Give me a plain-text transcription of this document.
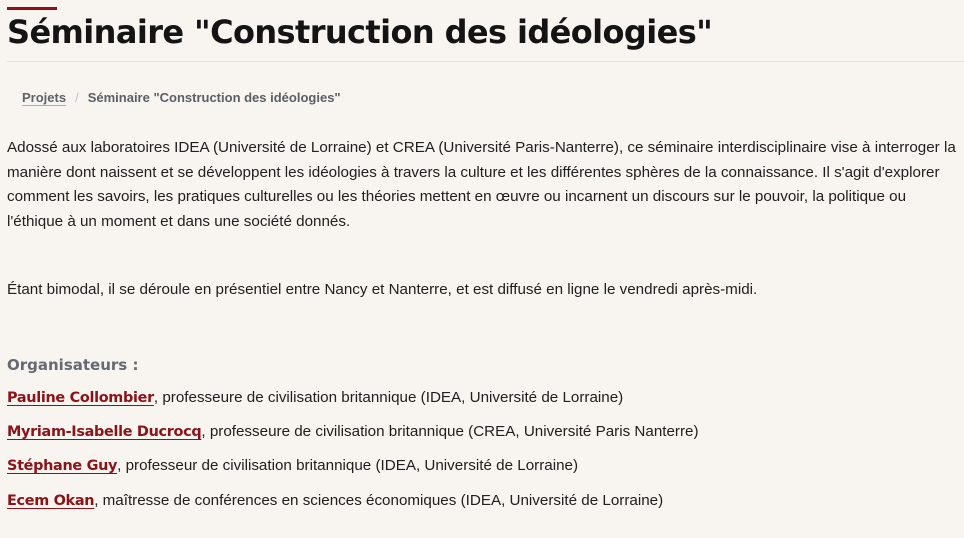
Séminaire "Construction des idéologies"
Projets / Séminaire "Construction des idéologies"

Adossé aux laboratoires IDEA (Université de Lorraine) et CREA (Université Paris-Nanterre), ce séminaire interdisciplinaire vise à interroger la manière dont naissent et se développent les idéologies à travers la culture et les différentes sphères de la connaissance. Il s'agit d'explorer comment les savoirs, les pratiques culturelles ou les théories mettent en œuvre ou incarnent un discours sur le pouvoir, la politique ou l'éthique à un moment et dans une société donnés.

Étant bimodal, il se déroule en présentiel entre Nancy et Nanterre, et est diffusé en ligne le vendredi après-midi.

Organisateurs :
Pauline Collombier, professeure de civilisation britannique (IDEA, Université de Lorraine)
Myriam-Isabelle Ducrocq, professeure de civilisation britannique (CREA, Université Paris Nanterre)
Stéphane Guy, professeur de civilisation britannique (IDEA, Université de Lorraine)
Ecem Okan, maîtresse de conférences en sciences économiques (IDEA, Université de Lorraine)
